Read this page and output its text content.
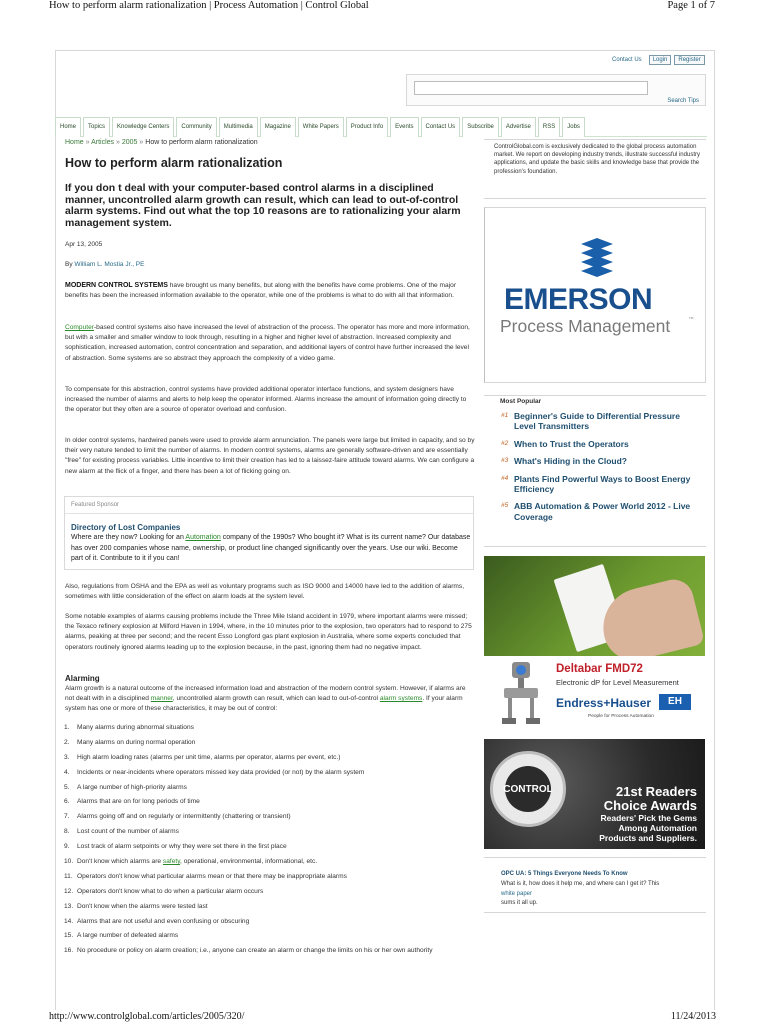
How to perform alarm rationalization | Process Automation | Control Global	Page 1 of 7
Contact Us	Login	Register
Search Tips
Home	Topics	Knowledge Centers	Community	Multimedia	Magazine	White Papers	Product Info	Events	Contact Us	Subscribe	Advertise	RSS	Jobs
Home » Articles » 2005 » How to perform alarm rationalization
How to perform alarm rationalization
If you don t deal with your computer-based control alarms in a disciplined manner, uncontrolled alarm growth can result, which can lead to out-of-control alarm systems. Find out what the top 10 reasons are to rationalizing your alarm management system.
Apr 13, 2005
By William L. Mostia Jr., PE
MODERN CONTROL SYSTEMS have brought us many benefits, but along with the benefits have come problems. One of the major benefits has been the increased information available to the operator, while one of the problems is what to do with all that information.
Computer-based control systems also have increased the level of abstraction of the process. The operator has more and more information, but with a smaller and smaller window to look through, resulting in a higher and higher level of abstraction. Increased complexity and sophistication, increased automation, control concentration and separation, and additional layers of control have further increased the level of abstraction. Some systems are so abstract they approach the complexity of a video game.
To compensate for this abstraction, control systems have provided additional operator interface functions, and system designers have increased the number of alarms and alerts to help keep the operator informed. Alarms increase the amount of information going directly to the operator but they often are a source of operator overload and confusion.
In older control systems, hardwired panels were used to provide alarm annunciation. The panels were large but limited in capacity, and so by their very nature tended to limit the number of alarms. In modern control systems, alarms are generally software-driven and are essentially "free" for existing process variables. Little incentive to limit their creation has led to a laissez-faire attitude toward alarms. We can configure a new alarm at the flick of a finger, and there has been a lot of flicking going on.
Featured Sponsor
Directory of Lost Companies
Where are they now? Looking for an Automation company of the 1990s? Who bought it? What is its current name? Our database has over 200 companies whose name, ownership, or product line changed significantly over the years. Use our wiki. Become part of it. Contribute to it if you can!
Also, regulations from OSHA and the EPA as well as voluntary programs such as ISO 9000 and 14000 have led to the addition of alarms, sometimes with little consideration of the effect on alarm loads at the system level.
Some notable examples of alarms causing problems include the Three Mile Island accident in 1979, where important alarms were missed; the Texaco refinery explosion at Milford Haven in 1994, where, in the 10 minutes prior to the explosion, two operators had to respond to 275 alarms, peaking at three per second; and the recent Esso Longford gas plant explosion in Australia, where some experts concluded that operators routinely ignored alarms leading up to the explosion because, in the past, ignoring them had no negative impact.
Alarming
Alarm growth is a natural outcome of the increased information load and abstraction of the modern control system. However, if alarms are not dealt with in a disciplined manner, uncontrolled alarm growth can result, which can lead to out-of-control alarm systems. If your alarm system has one or more of these characteristics, it may be out of control:
1. Many alarms during abnormal situations
2. Many alarms on during normal operation
3. High alarm loading rates (alarms per unit time, alarms per operator, alarms per event, etc.)
4. Incidents or near-incidents where operators missed key data provided (or not) by the alarm system
5. A large number of high-priority alarms
6. Alarms that are on for long periods of time
7. Alarms going off and on regularly or intermittently (chattering or transient)
8. Lost count of the number of alarms
9. Lost track of alarm setpoints or why they were set there in the first place
10. Don't know which alarms are safety, operational, environmental, informational, etc.
11. Operators don't know what particular alarms mean or that there may be inappropriate alarms
12. Operators don't know what to do when a particular alarm occurs
13. Don't know when the alarms were tested last
14. Alarms that are not useful and even confusing or obscuring
15. A large number of defeated alarms
16. No procedure or policy on alarm creation; i.e., anyone can create an alarm or change the limits on his or her own authority
ControlGlobal.com is exclusively dedicated to the global process automation market. We report on developing industry trends, illustrate successful industry applications, and update the basic skills and knowledge base that provide the profession's foundation.
EMERSON
Process Management	TM
Most Popular
#1 Beginner's Guide to Differential Pressure Level Transmitters
#2 When to Trust the Operators
#3 What's Hiding in the Cloud?
#4 Plants Find Powerful Ways to Boost Energy Efficiency
#5 ABB Automation & Power World 2012 - Live Coverage
Deltabar FMD72
Electronic dP for Level Measurement
Endress+Hauser	EH
People for Process Automation
CONTROL	21st Readers
Choice Awards
Readers' Pick the Gems
Among Automation
Products and Suppliers.
OPC UA: 5 Things Everyone Needs To Know
What is it, how does it help me, and where can I get it? This
white paper
sums it all up.
http://www.controlglobal.com/articles/2005/320/	11/24/2013
